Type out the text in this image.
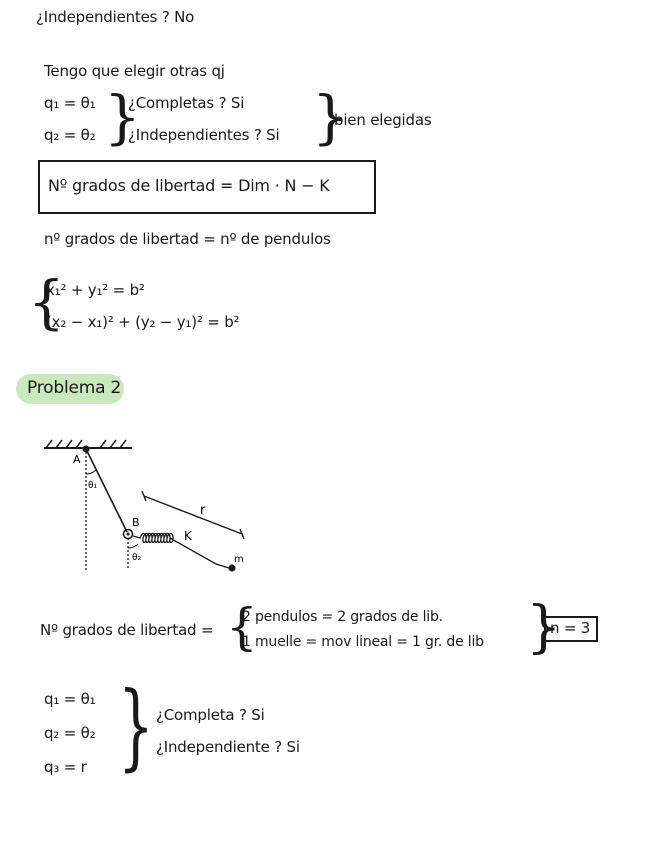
¿Independientes ? No
Tengo que elegir otras qj
q₁ = θ₁
q₂ = θ₂ }
¿Completas ? Si
¿Independientes ? Si }
bien elegidas
Nº grados de libertad = Dim · N − K
nº grados de libertad = nº de pendulos
{
x₁² + y₁² = b²
(x₂ − x₁)² + (y₂ − y₁)² = b²
Problema 2
A
θ₁
B
θ₂
r
K
m
Nº grados de libertad = {
2 pendulos = 2 grados de lib.
1 muelle = mov lineal = 1 gr. de lib }
n = 3
q₁ = θ₁
q₂ = θ₂
q₃ = r } ¿Completa ? Si
¿Independiente ? Si
